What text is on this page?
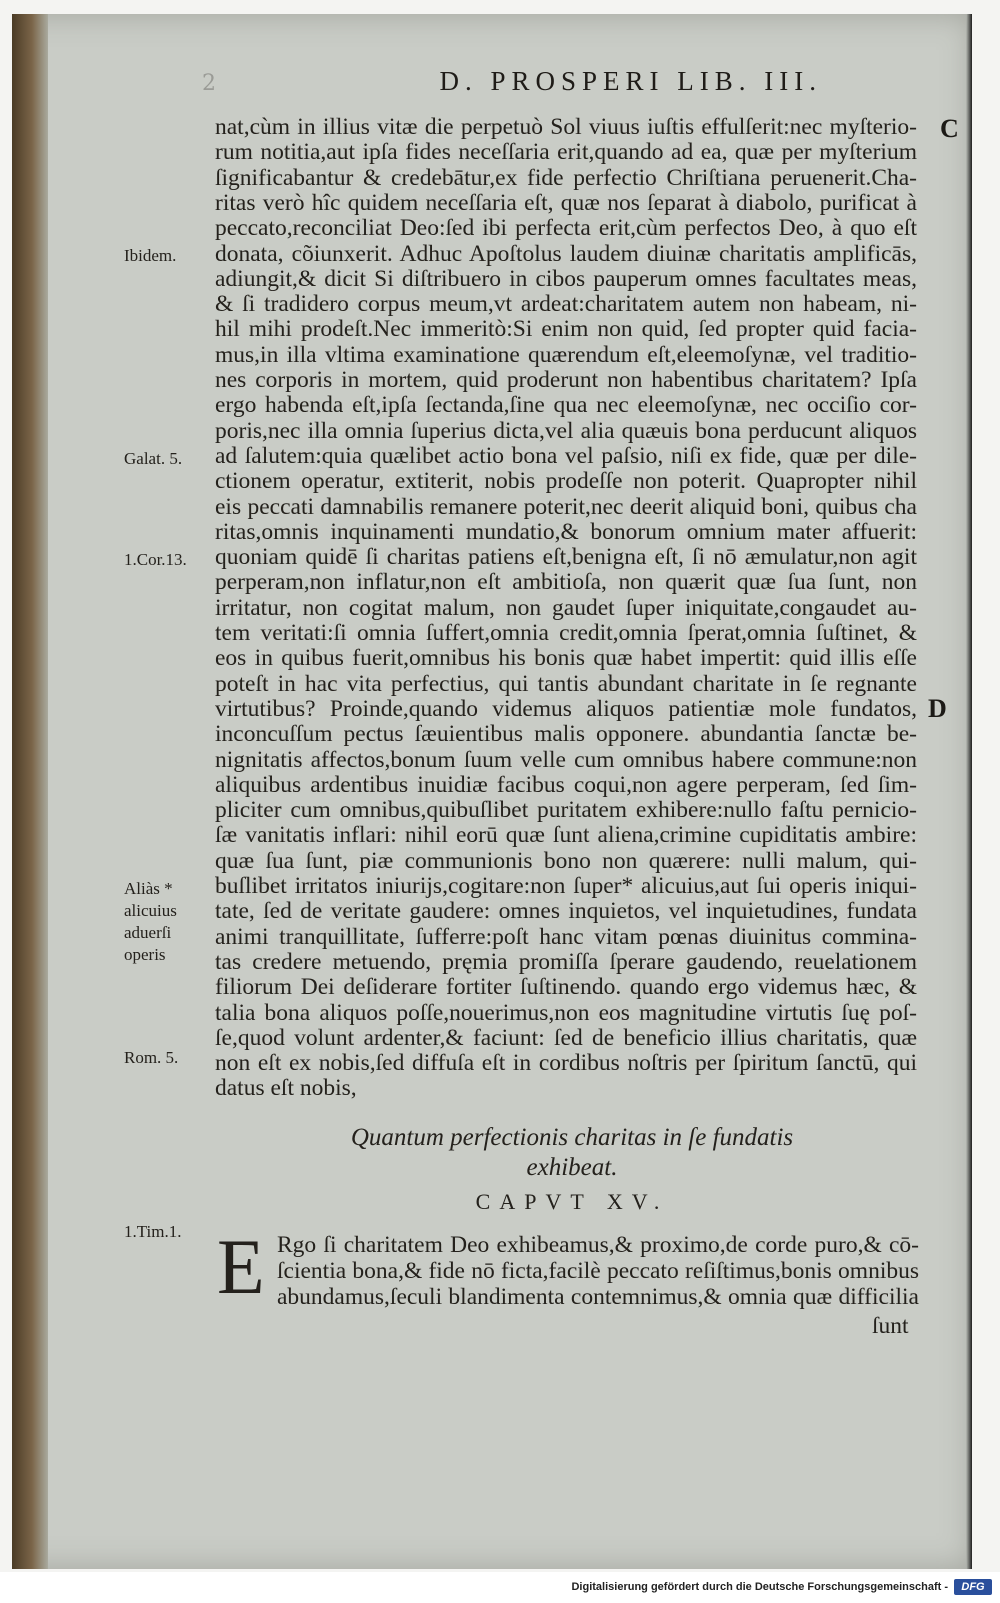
2	D. PROSPERI LIB. III.
nat,cùm in illius vitæ die perpetuò Sol viuus iuſtis effulſerit:nec myſterio-
rum notitia,aut ipſa fides neceſſaria erit,quando ad ea, quæ per myſterium
ſignificabantur & credebātur,ex fide perfectio Chriſtiana peruenerit.Cha-
ritas verò hîc quidem neceſſaria eſt, quæ nos ſeparat à diabolo, purificat à
peccato,reconciliat Deo:ſed ibi perfecta erit,cùm perfectos Deo, à quo eſt
donata, cõiunxerit. Adhuc Apoſtolus laudem diuinæ charitatis amplificās,
adiungit,& dicit Si diſtribuero in cibos pauperum omnes facultates meas,
& ſi tradidero corpus meum,vt ardeat:charitatem autem non habeam, ni-
hil mihi prodeſt.Nec immeritò:Si enim non quid, ſed propter quid facia-
mus,in illa vltima examinatione quærendum eſt,eleemoſynæ, vel traditio-
nes corporis in mortem, quid proderunt non habentibus charitatem? Ipſa
ergo habenda eſt,ipſa ſectanda,ſine qua nec eleemoſynæ, nec occiſio cor-
poris,nec illa omnia ſuperius dicta,vel alia quæuis bona perducunt aliquos
ad ſalutem:quia quælibet actio bona vel paſsio, niſi ex fide, quæ per dile-
ctionem operatur, extiterit, nobis prodeſſe non poterit. Quapropter nihil
eis peccati damnabilis remanere poterit,nec deerit aliquid boni, quibus cha
ritas,omnis inquinamenti mundatio,& bonorum omnium mater affuerit:
quoniam quidē ſi charitas patiens eſt,benigna eſt, ſi nō æmulatur,non agit
perperam,non inflatur,non eſt ambitioſa, non quærit quæ ſua ſunt, non
irritatur, non cogitat malum, non gaudet ſuper iniquitate,congaudet au-
tem veritati:ſi omnia ſuffert,omnia credit,omnia ſperat,omnia ſuſtinet, &
eos in quibus fuerit,omnibus his bonis quæ habet impertit: quid illis eſſe
poteſt in hac vita perfectius, qui tantis abundant charitate in ſe regnante
virtutibus? Proinde,quando videmus aliquos patientiæ mole fundatos,
inconcuſſum pectus ſæuientibus malis opponere. abundantia ſanctæ be-
nignitatis affectos,bonum ſuum velle cum omnibus habere commune:non
aliquibus ardentibus inuidiæ facibus coqui,non agere perperam, ſed ſim-
pliciter cum omnibus,quibuſlibet puritatem exhibere:nullo faſtu pernicio-
ſæ vanitatis inflari: nihil eorū quæ ſunt aliena,crimine cupiditatis ambire:
quæ ſua ſunt, piæ communionis bono non quærere: nulli malum, qui-
buſlibet irritatos iniurijs,cogitare:non ſuper* alicuius,aut ſui operis iniqui-
tate, ſed de veritate gaudere: omnes inquietos, vel inquietudines, fundata
animi tranquillitate, ſufferre:poſt hanc vitam pœnas diuinitus commina-
tas credere metuendo, pręmia promiſſa ſperare gaudendo, reuelationem
filiorum Dei deſiderare fortiter ſuſtinendo. quando ergo videmus hæc, &
talia bona aliquos poſſe,nouerimus,non eos magnitudine virtutis ſuę poſ-
ſe,quod volunt ardenter,& faciunt: ſed de beneficio illius charitatis, quæ
non eſt ex nobis,ſed diffuſa eſt in cordibus noſtris per ſpiritum ſanctū, qui
datus eſt nobis,
C
D
Ibidem.
Galat. 5.
1.Cor.13.
Aliàs *
alicuius
aduerſi
operis
Rom. 5.
1.Tim.1.
Quantum perfectionis charitas in ſe fundatis
exhibeat.
CAPVT XV.
E Rgo ſi charitatem Deo exhibeamus,& proximo,de corde puro,& cō-
ſcientia bona,& fide nō ficta,facilè peccato reſiſtimus,bonis omnibus
abundamus,ſeculi blandimenta contemnimus,& omnia quæ difficilia
ſunt
Digitalisierung gefördert durch die Deutsche Forschungsgemeinschaft -	DFG
